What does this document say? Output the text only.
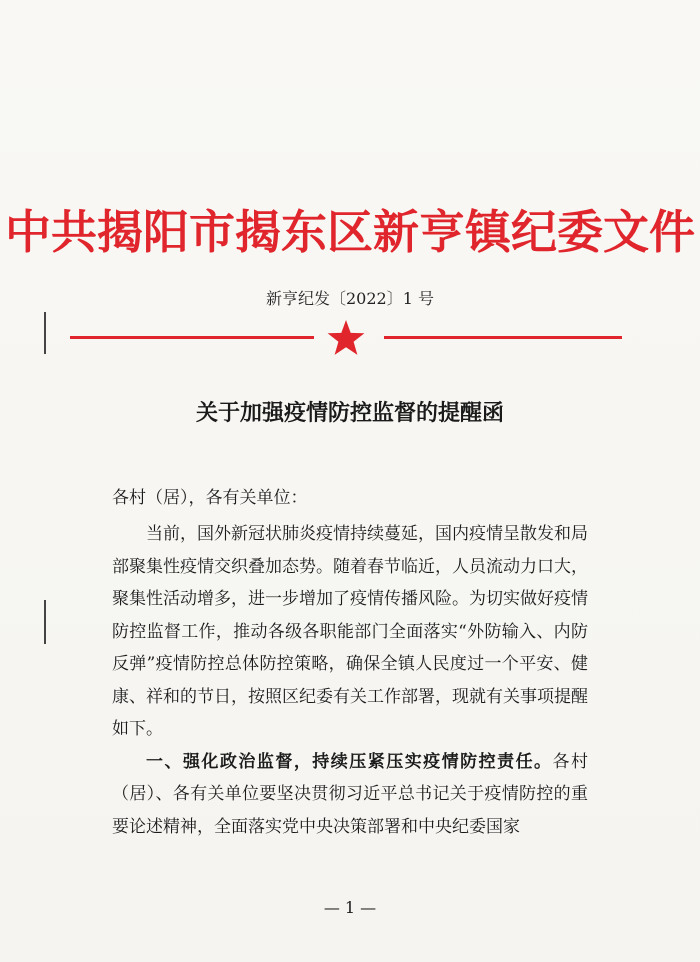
中共揭阳市揭东区新亨镇纪委文件
新亨纪发〔2022〕1 号
关于加强疫情防控监督的提醒函
各村（居），各有关单位：

当前，国外新冠状肺炎疫情持续蔓延，国内疫情呈散发和局部聚集性疫情交织叠加态势。随着春节临近，人员流动力口大，聚集性活动增多，进一步增加了疫情传播风险。为切实做好疫情防控监督工作，推动各级各职能部门全面落实“外防输入、内防反弹”疫情防控总体防控策略，确保全镇人民度过一个平安、健康、祥和的节日，按照区纪委有关工作部署，现就有关事项提醒如下。

一、强化政治监督，持续压紧压实疫情防控责任。各村（居）、各有关单位要坚决贯彻习近平总书记关于疫情防控的重要论述精神，全面落实党中央决策部署和中央纪委国家

— 1 —
